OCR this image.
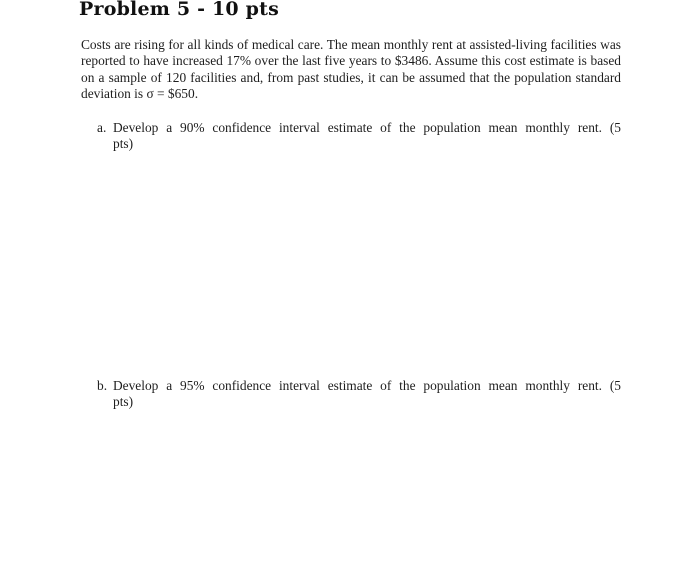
Problem 5 - 10 pts

Costs are rising for all kinds of medical care. The mean monthly rent at assisted-living facilities was reported to have increased 17% over the last five years to $3486. Assume this cost estimate is based on a sample of 120 facilities and, from past studies, it can be assumed that the population standard deviation is σ = $650.

a. Develop a 90% confidence interval estimate of the population mean monthly rent. (5
pts)
b. Develop a 95% confidence interval estimate of the population mean monthly rent. (5
pts)
